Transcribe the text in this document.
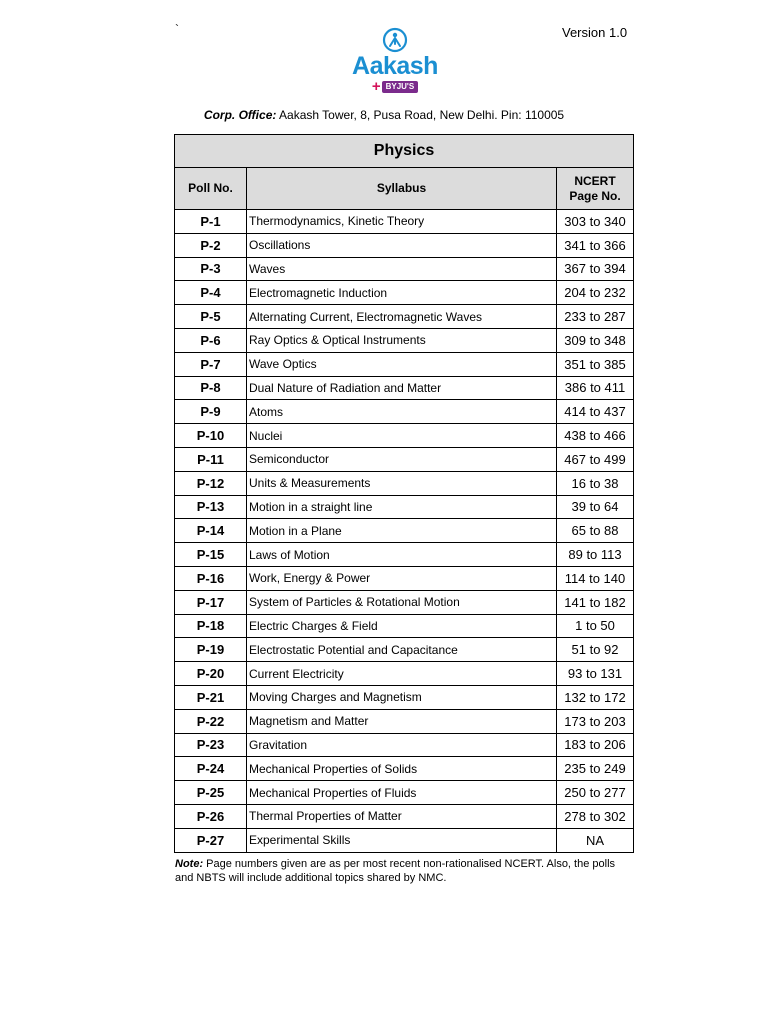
`	Version 1.0
Aakash
+ BYJU'S
Corp. Office: Aakash Tower, 8, Pusa Road, New Delhi. Pin: 110005
Physics		
Poll No.	Syllabus	NCERT
Page No.
P-1	Thermodynamics, Kinetic Theory	303 to 340
P-2	Oscillations	341 to 366
P-3	Waves	367 to 394
P-4	Electromagnetic Induction	204 to 232
P-5	Alternating Current, Electromagnetic Waves	233 to 287
P-6	Ray Optics & Optical Instruments	309 to 348
P-7	Wave Optics	351 to 385
P-8	Dual Nature of Radiation and Matter	386 to 411
P-9	Atoms	414 to 437
P-10	Nuclei	438 to 466
P-11	Semiconductor	467 to 499
P-12	Units & Measurements	16 to 38
P-13	Motion in a straight line	39 to 64
P-14	Motion in a Plane	65 to 88
P-15	Laws of Motion	89 to 113
P-16	Work, Energy & Power	114 to 140
P-17	System of Particles & Rotational Motion	141 to 182
P-18	Electric Charges & Field	1 to 50
P-19	Electrostatic Potential and Capacitance	51 to 92
P-20	Current Electricity	93 to 131
P-21	Moving Charges and Magnetism	132 to 172
P-22	Magnetism and Matter	173 to 203
P-23	Gravitation	183 to 206
P-24	Mechanical Properties of Solids	235 to 249
P-25	Mechanical Properties of Fluids	250 to 277
P-26	Thermal Properties of Matter	278 to 302
P-27	Experimental Skills	NA
Note: Page numbers given are as per most recent non-rationalised NCERT. Also, the polls and NBTS will include additional topics shared by NMC.
